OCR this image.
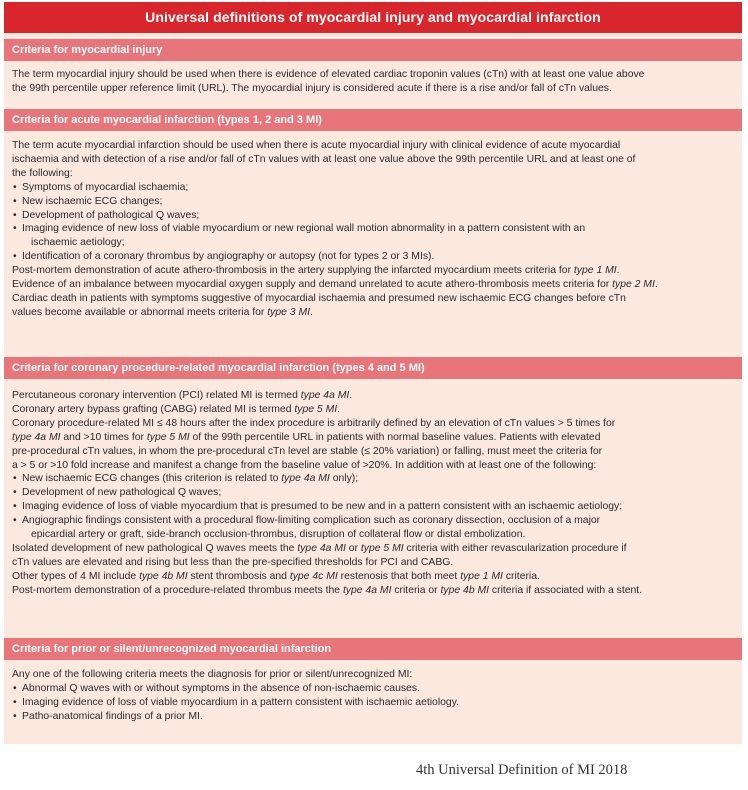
Universal definitions of myocardial injury and myocardial infarction
Criteria for myocardial injury
The term myocardial injury should be used when there is evidence of elevated cardiac troponin values (cTn) with at least one value above
the 99th percentile upper reference limit (URL). The myocardial injury is considered acute if there is a rise and/or fall of cTn values.
Criteria for acute myocardial infarction (types 1, 2 and 3 MI)
The term acute myocardial infarction should be used when there is acute myocardial injury with clinical evidence of acute myocardial
ischaemia and with detection of a rise and/or fall of cTn values with at least one value above the 99th percentile URL and at least one of
the following:
• Symptoms of myocardial ischaemia;
• New ischaemic ECG changes;
• Development of pathological Q waves;
• Imaging evidence of new loss of viable myocardium or new regional wall motion abnormality in a pattern consistent with an
ischaemic aetiology;
• Identification of a coronary thrombus by angiography or autopsy (not for types 2 or 3 MIs).
Post-mortem demonstration of acute athero-thrombosis in the artery supplying the infarcted myocardium meets criteria for type 1 MI.
Evidence of an imbalance between myocardial oxygen supply and demand unrelated to acute athero-thrombosis meets criteria for type 2 MI.
Cardiac death in patients with symptoms suggestive of myocardial ischaemia and presumed new ischaemic ECG changes before cTn
values become available or abnormal meets criteria for type 3 MI.
Criteria for coronary procedure-related myocardial infarction (types 4 and 5 MI)
Percutaneous coronary intervention (PCI) related MI is termed type 4a MI.
Coronary artery bypass grafting (CABG) related MI is termed type 5 MI.
Coronary procedure-related MI ≤ 48 hours after the index procedure is arbitrarily defined by an elevation of cTn values > 5 times for
type 4a MI and >10 times for type 5 MI of the 99th percentile URL in patients with normal baseline values. Patients with elevated
pre-procedural cTn values, in whom the pre-procedural cTn level are stable (≤ 20% variation) or falling, must meet the criteria for
a > 5 or >10 fold increase and manifest a change from the baseline value of >20%. In addition with at least one of the following:
• New ischaemic ECG changes (this criterion is related to type 4a MI only);
• Development of new pathological Q waves;
• Imaging evidence of loss of viable myocardium that is presumed to be new and in a pattern consistent with an ischaemic aetiology;
• Angiographic findings consistent with a procedural flow-limiting complication such as coronary dissection, occlusion of a major
epicardial artery or graft, side-branch occlusion-thrombus, disruption of collateral flow or distal embolization.
Isolated development of new pathological Q waves meets the type 4a MI or type 5 MI criteria with either revascularization procedure if
cTn values are elevated and rising but less than the pre-specified thresholds for PCI and CABG.
Other types of 4 MI include type 4b MI stent thrombosis and type 4c MI restenosis that both meet type 1 MI criteria.
Post-mortem demonstration of a procedure-related thrombus meets the type 4a MI criteria or type 4b MI criteria if associated with a stent.
Criteria for prior or silent/unrecognized myocardial infarction
Any one of the following criteria meets the diagnosis for prior or silent/unrecognized MI:
• Abnormal Q waves with or without symptoms in the absence of non-ischaemic causes.
• Imaging evidence of loss of viable myocardium in a pattern consistent with ischaemic aetiology.
• Patho-anatomical findings of a prior MI.
4th Universal Definition of MI 2018
